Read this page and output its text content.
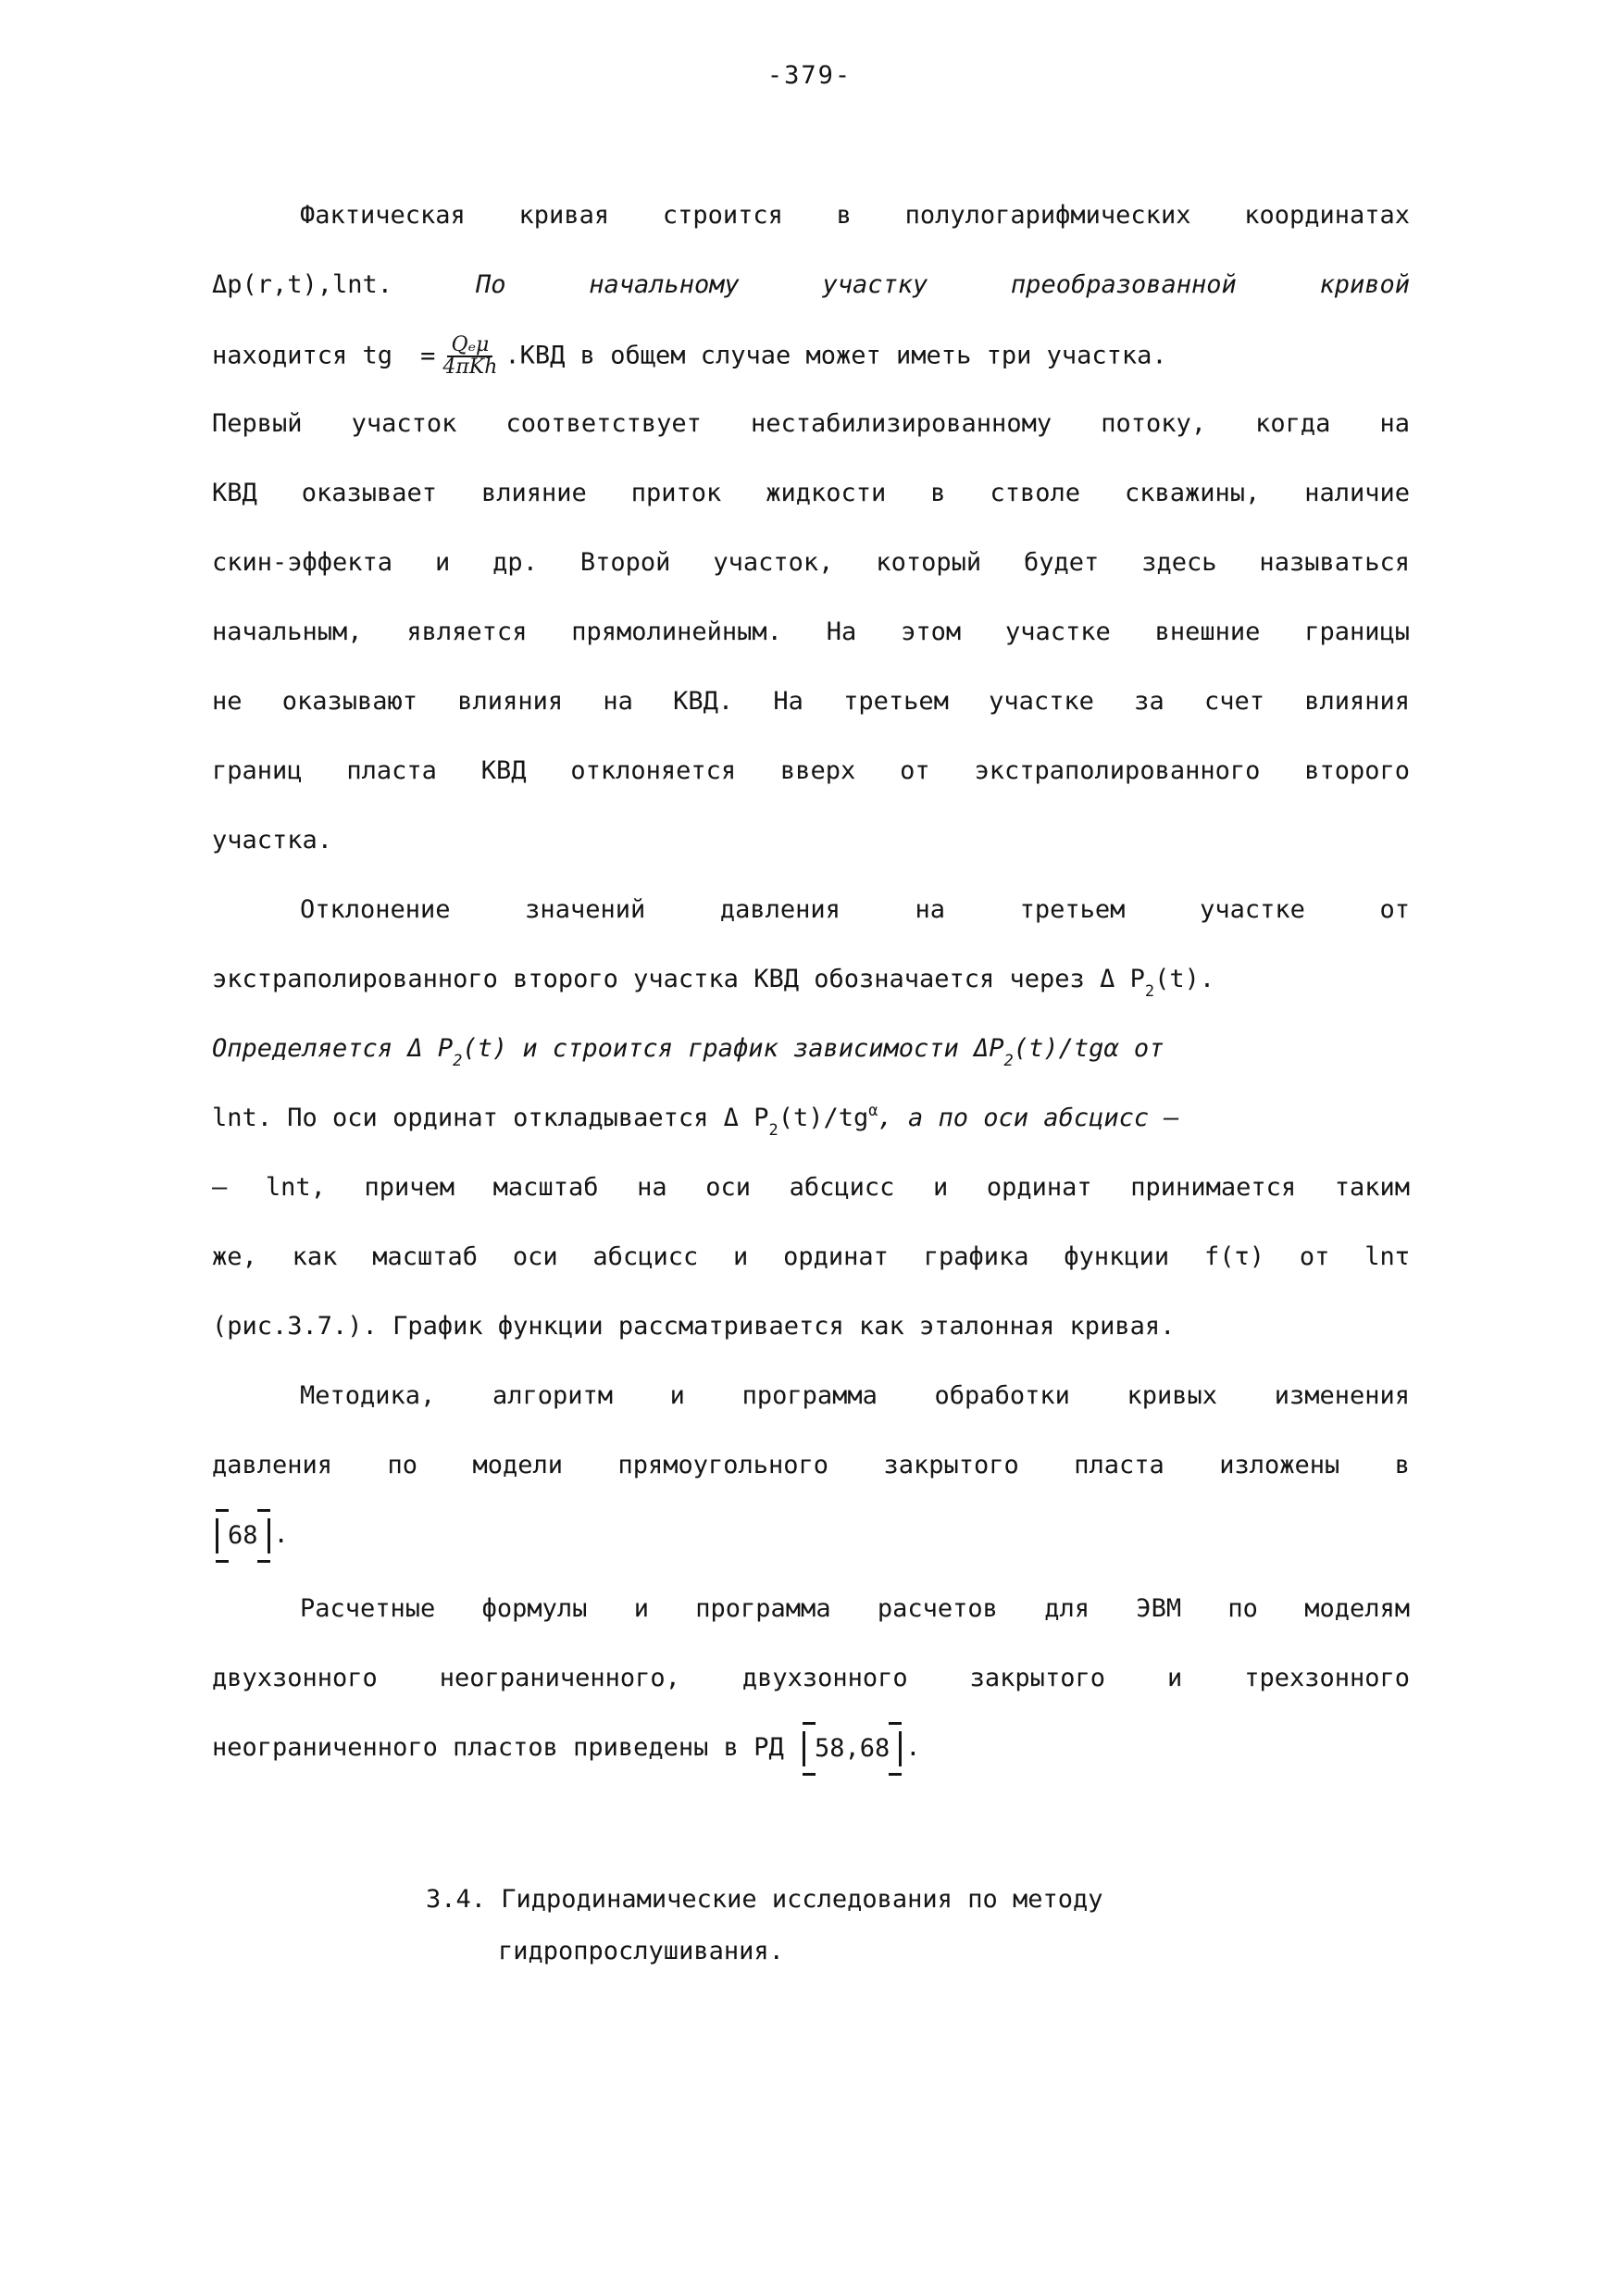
-379-
Фактическая кривая строится в полулогарифмических координатах
Δp(r,t),lnt.	По начальному участку преобразованной кривой
находится tg = $\frac{\text{Qₑμ}}{\text{4πKh}} .КВД$ в общем случае может иметь три участка.
Первый участок соответствует нестабилизированному потоку, когда на
КВД оказывает влияние приток жидкости в стволе скважины, наличие
скин-эффекта и др. Второй участок, который будет здесь называться
начальным, является прямолинейным. На этом участке внешние границы
не оказывают влияния на КВД. На третьем участке за счет влияния
границ пласта КВД отклоняется вверх от экстраполированного второго
участка.
Отклонение значений давления на третьем участке от
экстраполированного второго участка КВД обозначается через Δ $P_2(t)$.
Определяется Δ $P_2(t)$ и строится график зависимости $\Delta P_2(t)$/tgα от
lnt. По оси ординат откладывается Δ $P_2(t)/tg^\alpha$, а по оси абсцисс –
– lnt, причем масштаб на оси абсцисс и ординат принимается таким
же, как масштаб оси абсцисс и ординат графика функции f(τ) от lnτ
(рис.3.7.). График функции рассматривается как эталонная кривая.
Методика, алгоритм и программа обработки кривых изменения
давления по модели прямоугольного закрытого пласта изложены в
68 .
Расчетные формулы и программа расчетов для ЭВМ по моделям
двухзонного неограниченного, двухзонного закрытого и трехзонного
неограниченного пластов приведены в РД 58,68 .
3.4. Гидродинамические исследования по методу
гидропрослушивания.
